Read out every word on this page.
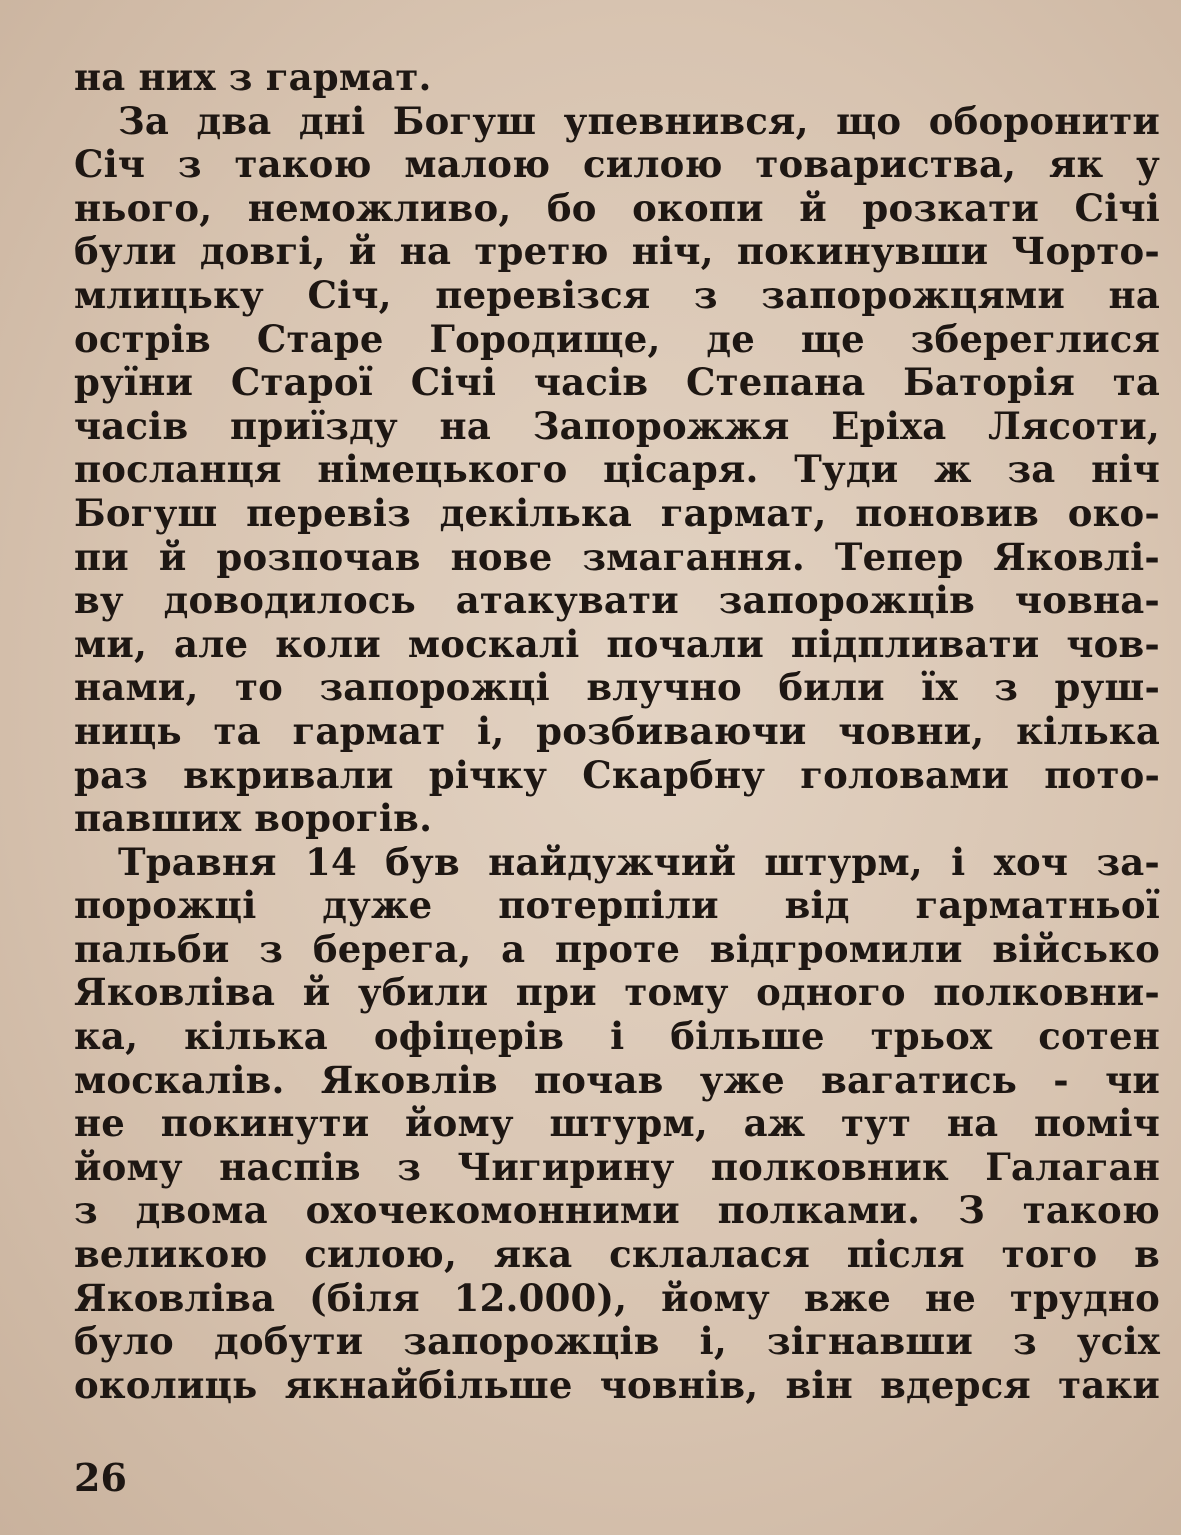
на них з гармат.
За два дні Богуш упевнився, що оборонити
Січ з такою малою силою товариства, як у
нього, неможливо, бо окопи й розкати Січі
були довгі, й на третю ніч, покинувши Чорто-
млицьку Січ, перевізся з запорожцями на
острів Старе Городище, де ще збереглися
руїни Старої Січі часів Степана Баторія та
часів приїзду на Запорожжя Еріха Лясоти,
посланця німецького цісаря. Туди ж за ніч
Богуш перевіз декілька гармат, поновив око-
пи й розпочав нове змагання. Тепер Яковлі-
ву доводилось атакувати запорожців човна-
ми, але коли москалі почали підпливати чов-
нами, то запорожці влучно били їх з руш-
ниць та гармат і, розбиваючи човни, кілька
раз вкривали річку Скарбну головами пото-
павших ворогів.
Травня 14 був найдужчий штурм, і хоч за-
порожці дуже потерпіли від гарматньої
пальби з берега, а проте відгромили військо
Яковліва й убили при тому одного полковни-
ка, кілька офіцерів і більше трьох сотен
москалів. Яковлів почав уже вагатись - чи
не покинути йому штурм, аж тут на поміч
йому наспів з Чигирину полковник Галаган
з двома охочекомонними полками. З такою
великою силою, яка склалася після того в
Яковліва (біля 12.000), йому вже не трудно
було добути запорожців і, зігнавши з усіх
околиць якнайбільше човнів, він вдерся таки
26
